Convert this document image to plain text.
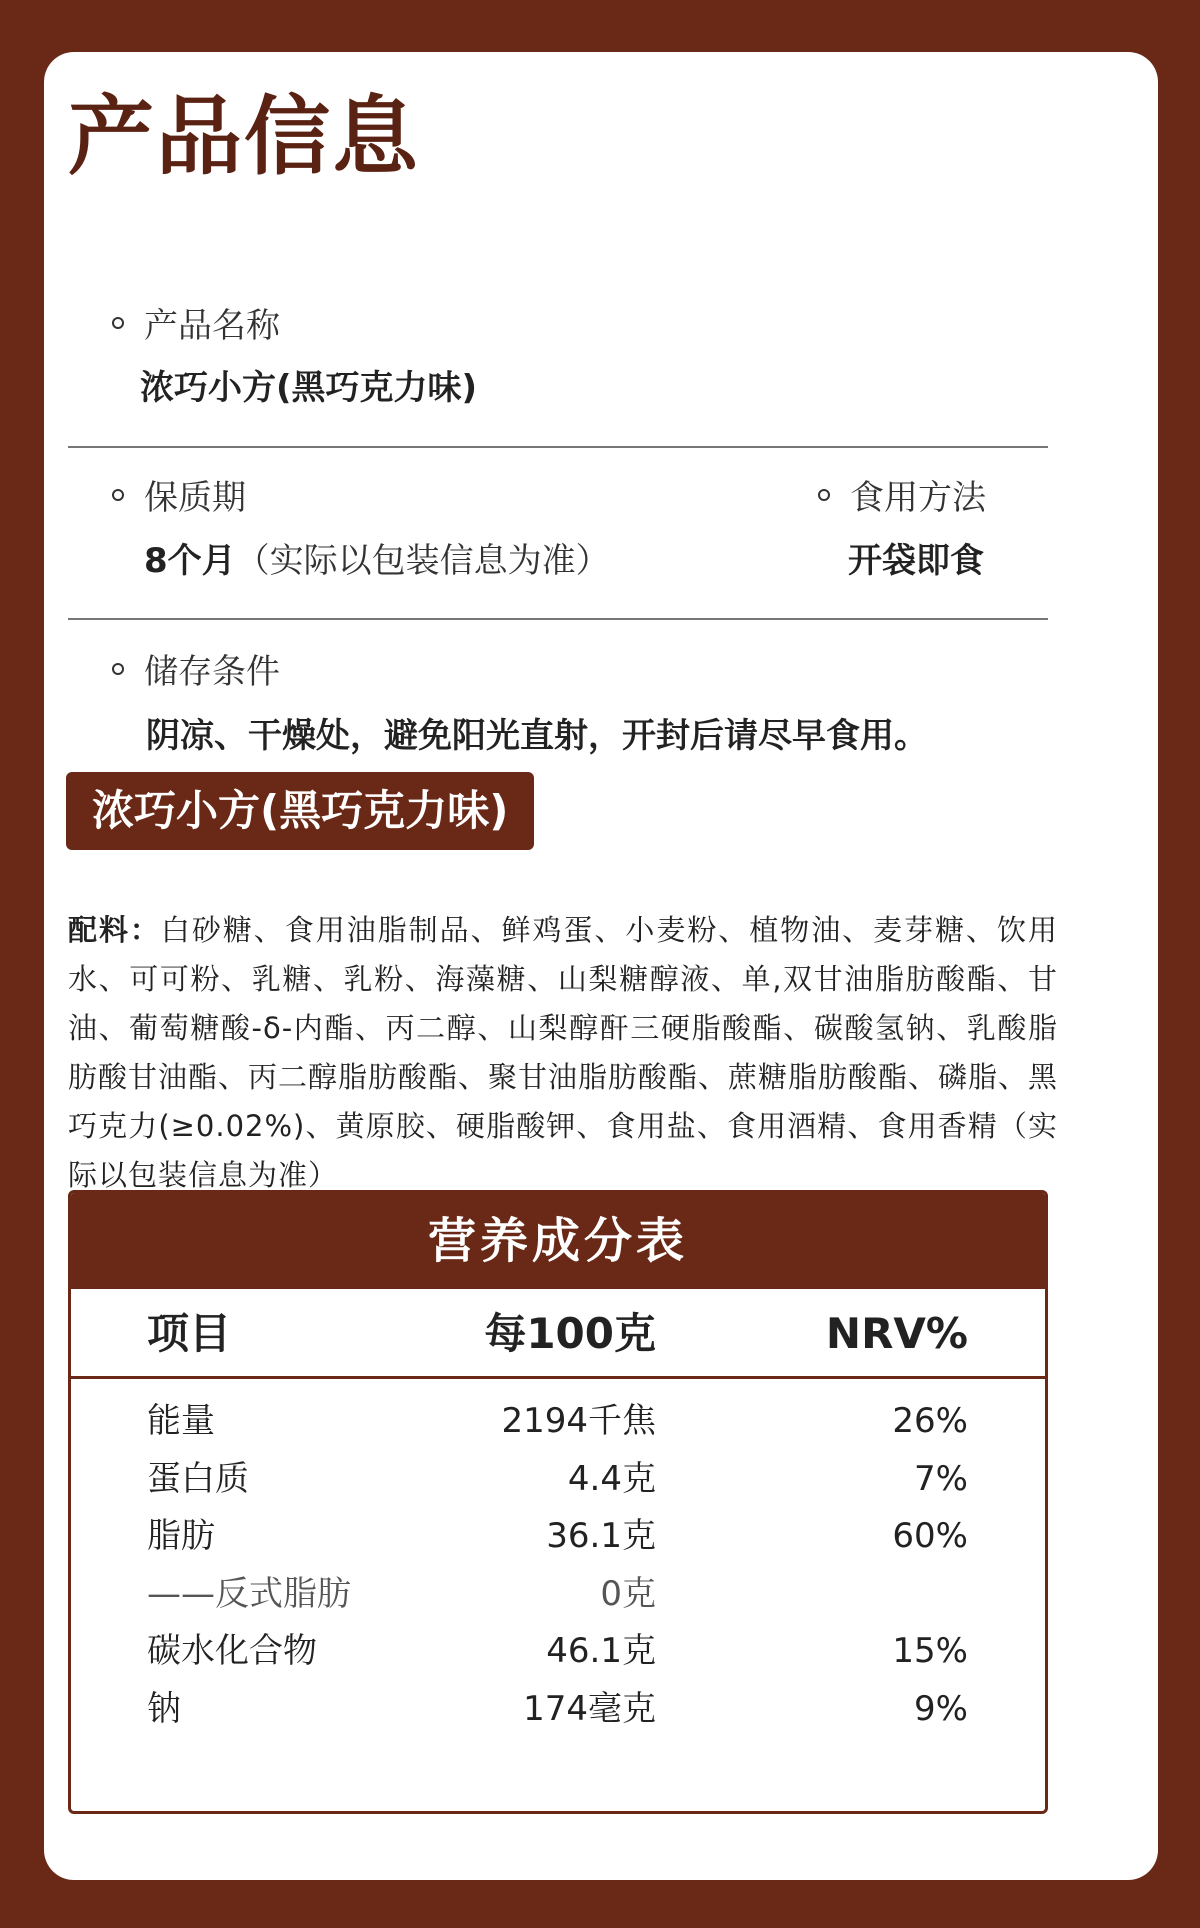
产品信息
产品名称
浓巧小方(黑巧克力味)
保质期
8个月（实际以包装信息为准）
食用方法
开袋即食
储存条件
阴凉、干燥处，避免阳光直射，开封后请尽早食用。
浓巧小方(黑巧克力味)
配料：白砂糖、食用油脂制品、鲜鸡蛋、小麦粉、植物油、麦芽糖、饮用水、可可粉、乳糖、乳粉、海藻糖、山梨糖醇液、单,双甘油脂肪酸酯、甘油、葡萄糖酸-δ-内酯、丙二醇、山梨醇酐三硬脂酸酯、碳酸氢钠、乳酸脂肪酸甘油酯、丙二醇脂肪酸酯、聚甘油脂肪酸酯、蔗糖脂肪酸酯、磷脂、黑巧克力(≥0.02%)、黄原胶、硬脂酸钾、食用盐、食用酒精、食用香精（实际以包装信息为准）
营养成分表
项目	每100克	NRV%
能量	2194千焦	26%
蛋白质	4.4克	7%
脂肪	36.1克	60%
——反式脂肪	0克
碳水化合物	46.1克	15%
钠	174毫克	9%
